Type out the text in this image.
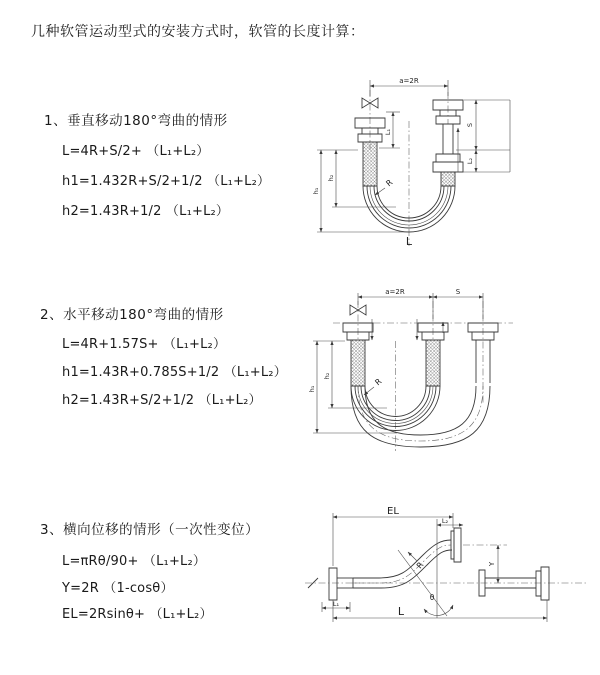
几种软管运动型式的安装方式时，软管的长度计算：
1、垂直移动180°弯曲的情形
L=4R+S/2+ （L₁+L₂）
h1=1.432R+S/2+1/2 （L₁+L₂）
h2=1.43R+1/2 （L₁+L₂）
2、水平移动180°弯曲的情形
L=4R+1.57S+ （L₁+L₂）
h1=1.43R+0.785S+1/2 （L₁+L₂）
h2=1.43R+S/2+1/2 （L₁+L₂）
3、横向位移的情形（一次性变位）
L=πRθ/90+ （L₁+L₂）
Y=2R （1-cosθ）
EL=2Rsinθ+ （L₁+L₂）
a=2R
L₁
S
L₂
h₁
h₂	R
L
a=2R	S
h₁
h₂
R
EL
L₂
Y
θ
R
L₁
L
